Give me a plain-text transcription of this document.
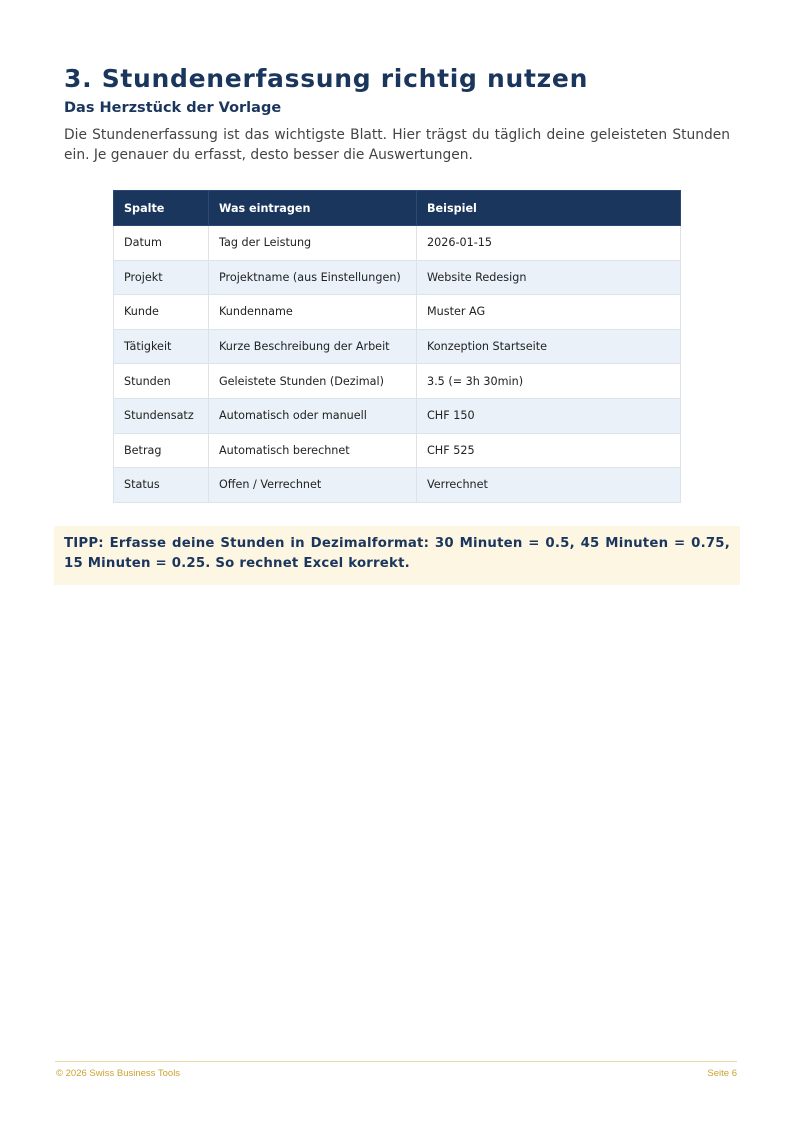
3. Stundenerfassung richtig nutzen
Das Herzstück der Vorlage

Die Stundenerfassung ist das wichtigste Blatt. Hier trägst du täglich deine geleisteten Stunden ein. Je genauer du erfasst, desto besser die Auswertungen.

Spalte	Was eintragen	Beispiel
Datum	Tag der Leistung	2026-01-15
Projekt	Projektname (aus Einstellungen)	Website Redesign
Kunde	Kundenname	Muster AG
Tätigkeit	Kurze Beschreibung der Arbeit	Konzeption Startseite
Stunden	Geleistete Stunden (Dezimal)	3.5 (= 3h 30min)
Stundensatz	Automatisch oder manuell	CHF 150
Betrag	Automatisch berechnet	CHF 525
Status	Offen / Verrechnet	Verrechnet

TIPP: Erfasse deine Stunden in Dezimalformat: 30 Minuten = 0.5, 45 Minuten = 0.75, 15 Minuten = 0.25. So rechnet Excel korrekt.

© 2026 Swiss Business Tools	Seite 6
